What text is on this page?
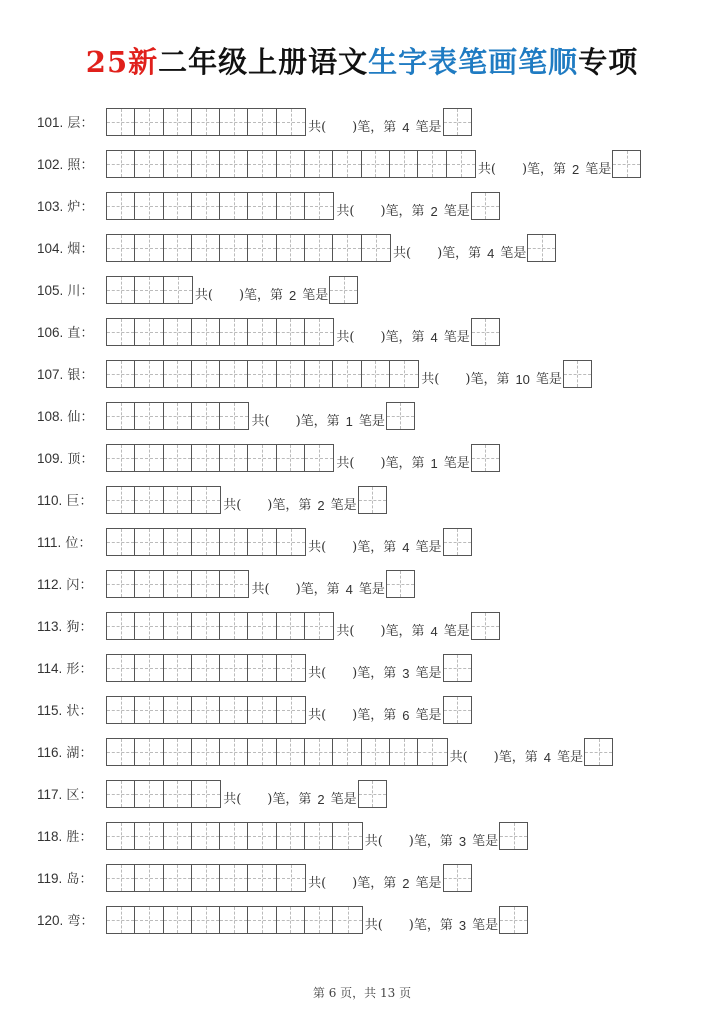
25新二年级上册语文生字表笔画笔顺专项
101. 层：	共( )笔，第 4 笔是
102. 照：	共( )笔，第 2 笔是
103. 炉：	共( )笔，第 2 笔是
104. 烟：	共( )笔，第 4 笔是
105. 川：	共( )笔，第 2 笔是
106. 直：	共( )笔，第 4 笔是
107. 银：	共( )笔，第 10 笔是
108. 仙：	共( )笔，第 1 笔是
109. 顶：	共( )笔，第 1 笔是
110. 巨：	共( )笔，第 2 笔是
111. 位：	共( )笔，第 4 笔是
112. 闪：	共( )笔，第 4 笔是
113. 狗：	共( )笔，第 4 笔是
114. 形：	共( )笔，第 3 笔是
115. 状：	共( )笔，第 6 笔是
116. 湖：	共( )笔，第 4 笔是
117. 区：	共( )笔，第 2 笔是
118. 胜：	共( )笔，第 3 笔是
119. 岛：	共( )笔，第 2 笔是
120. 弯：	共( )笔，第 3 笔是
第 6 页，共 13 页
